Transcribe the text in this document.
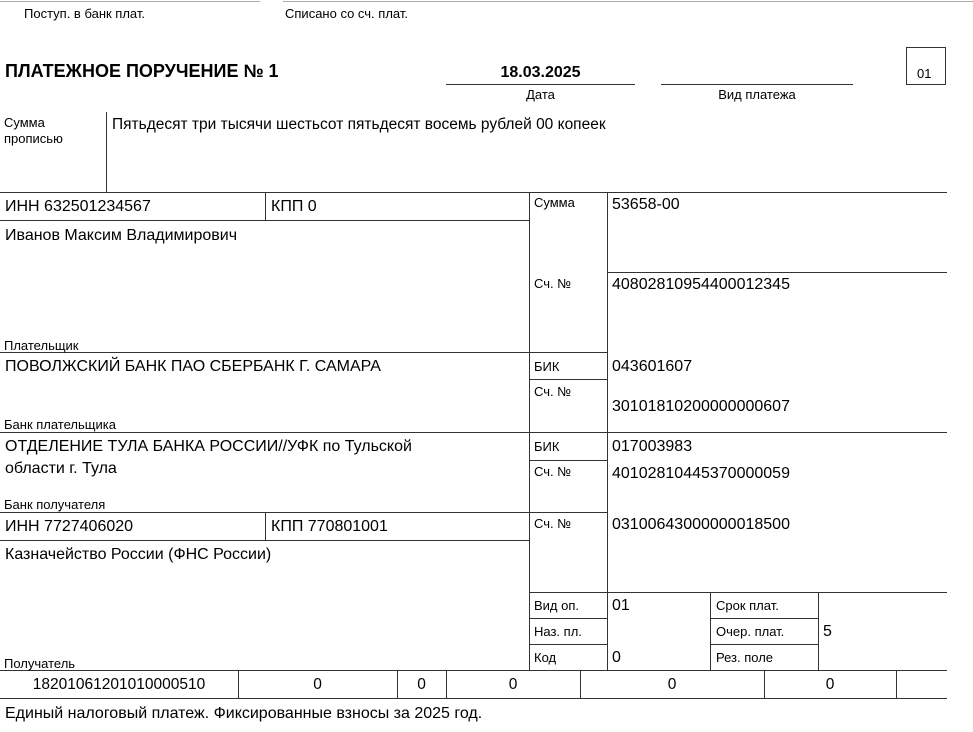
Поступ. в банк плат.	Списано со сч. плат.
ПЛАТЕЖНОЕ ПОРУЧЕНИЕ № 1	18.03.2025
Дата	Вид платежа
01
Сумма
прописью
Пятьдесят три тысячи шестьсот пятьдесят восемь рублей 00 копеек
ИНН 632501234567	КПП 0
Иванов Максим Владимирович
Плательщик
Сумма 53658-00
Сч. №	40802810954400012345
ПОВОЛЖСКИЙ БАНК ПАО СБЕРБАНК Г. САМАРА
Банк плательщика
БИК	043601607
Сч. №
30101810200000000607
ОТДЕЛЕНИЕ ТУЛА БАНКА РОССИИ//УФК по Тульской
области г. Тула
Банк получателя
БИК	017003983
Сч. №	40102810445370000059
ИНН 7727406020	КПП 770801001
Казначейство России (ФНС России)
Получатель
Сч. №	03100643000000018500
Вид оп. 01
Наз. пл.
Код	0
Срок плат.
Очер. плат. 5
Рез. поле
18201061201010000510	0	0	0	0	0
Единый налоговый платеж. Фиксированные взносы за 2025 год.
